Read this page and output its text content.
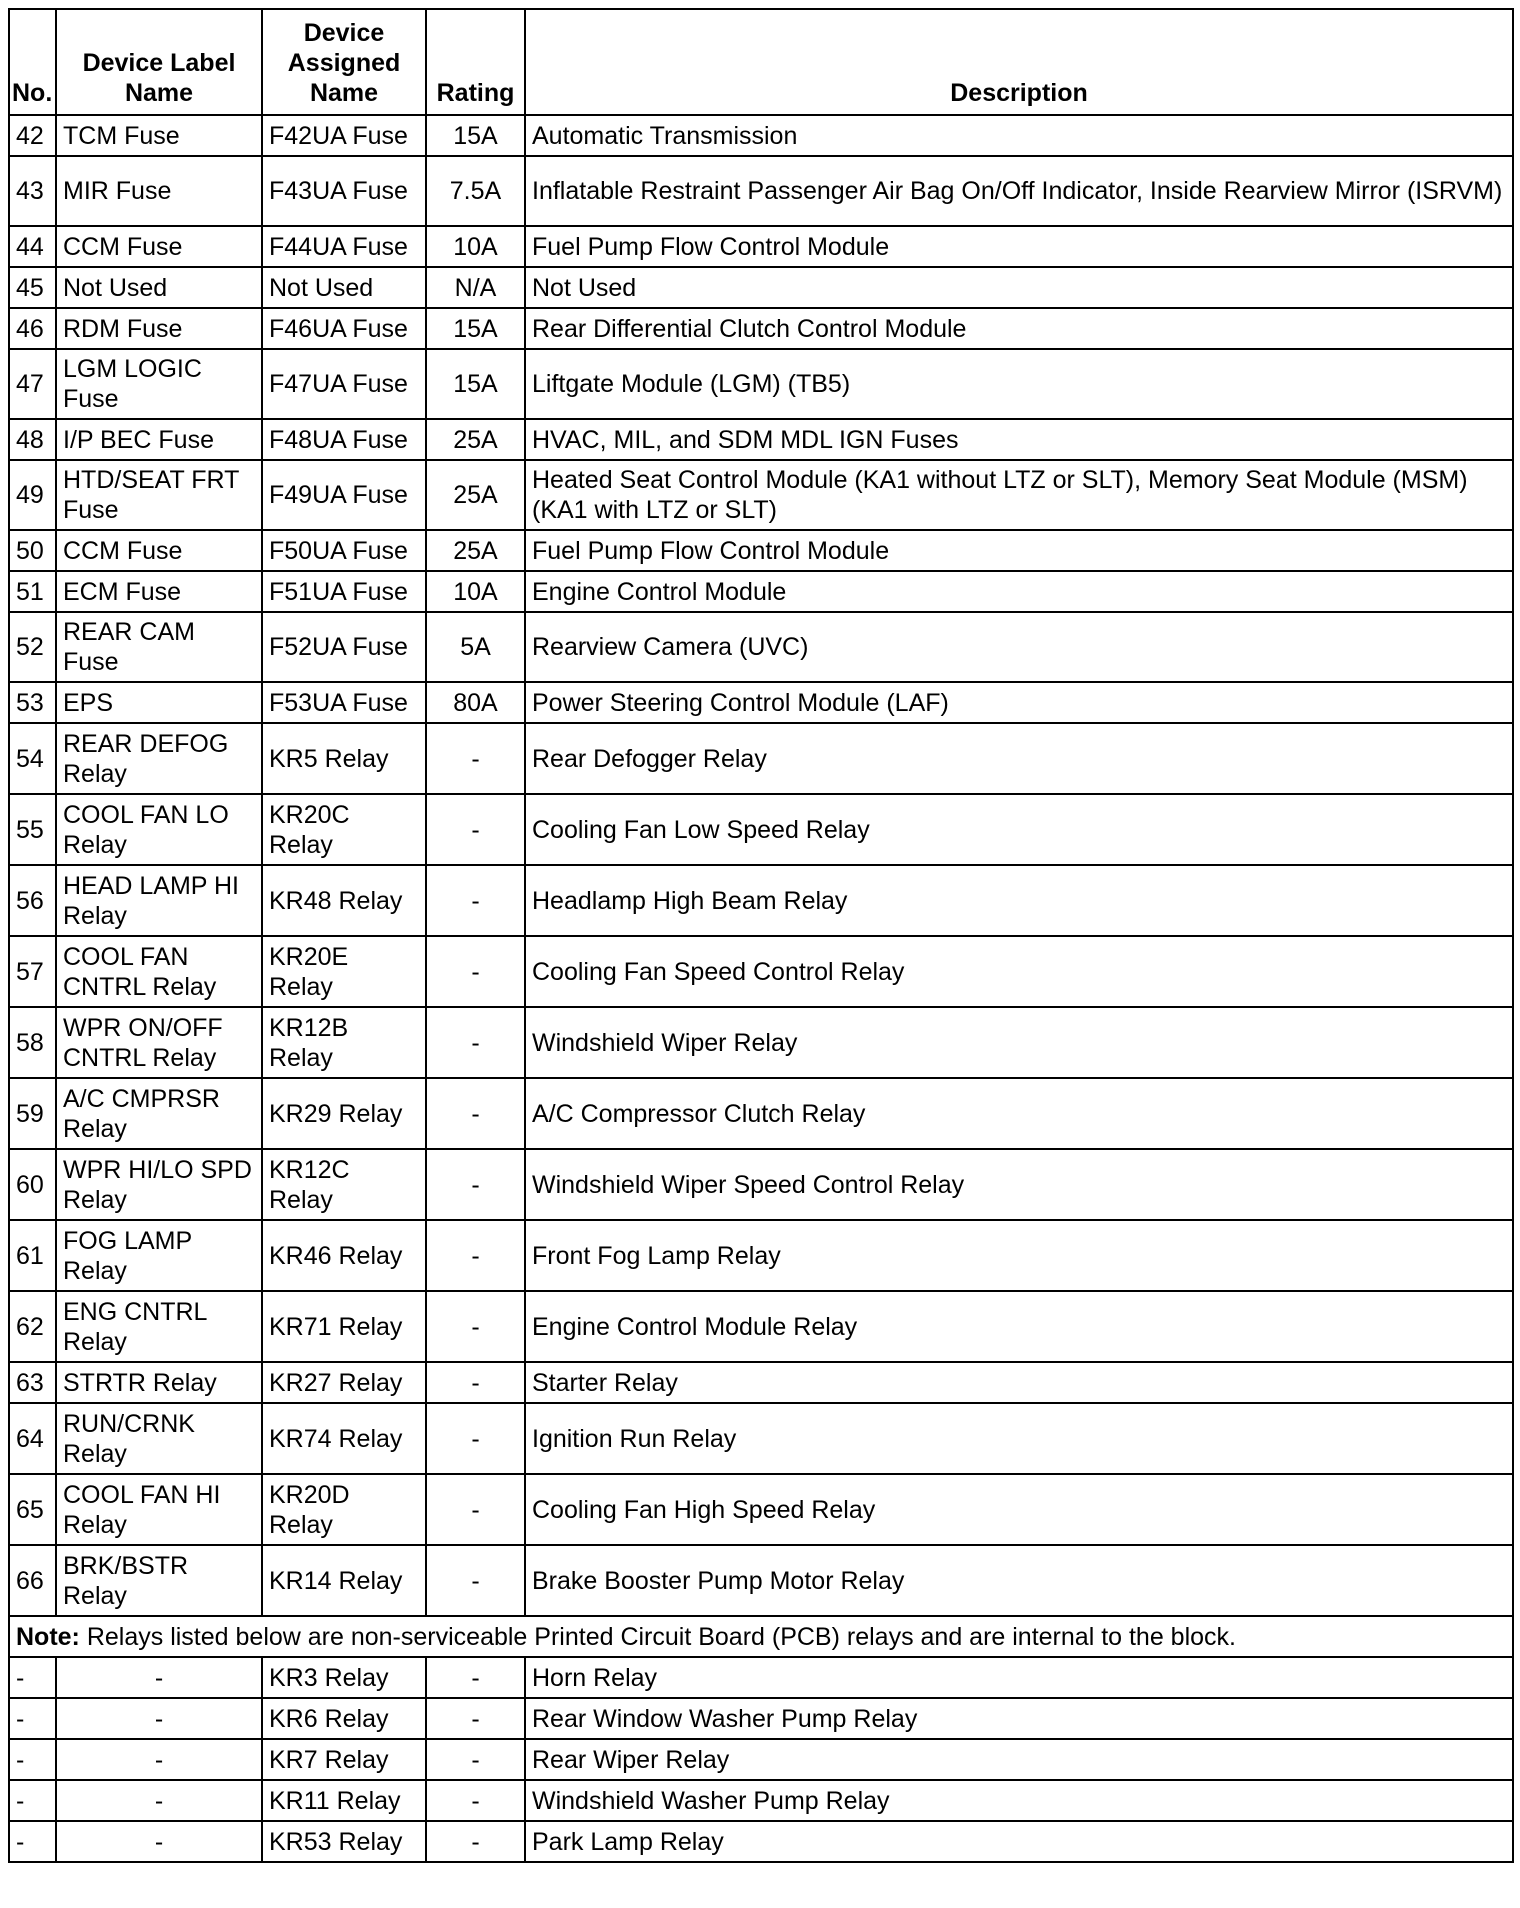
No.	Device Label Name	Device Assigned Name	Rating	Description
42	TCM Fuse	F42UA Fuse	15A	Automatic Transmission
43	MIR Fuse	F43UA Fuse	7.5A	Inflatable Restraint Passenger Air Bag On/Off Indicator, Inside Rearview Mirror (ISRVM)
44	CCM Fuse	F44UA Fuse	10A	Fuel Pump Flow Control Module
45	Not Used	Not Used	N/A	Not Used
46	RDM Fuse	F46UA Fuse	15A	Rear Differential Clutch Control Module
47	LGM LOGIC Fuse	F47UA Fuse	15A	Liftgate Module (LGM) (TB5)
48	I/P BEC Fuse	F48UA Fuse	25A	HVAC, MIL, and SDM MDL IGN Fuses
49	HTD/SEAT FRT Fuse	F49UA Fuse	25A	Heated Seat Control Module (KA1 without LTZ or SLT), Memory Seat Module (MSM) (KA1 with LTZ or SLT)
50	CCM Fuse	F50UA Fuse	25A	Fuel Pump Flow Control Module
51	ECM Fuse	F51UA Fuse	10A	Engine Control Module
52	REAR CAM Fuse	F52UA Fuse	5A	Rearview Camera (UVC)
53	EPS	F53UA Fuse	80A	Power Steering Control Module (LAF)
54	REAR DEFOG Relay	KR5 Relay	-	Rear Defogger Relay
55	COOL FAN LO Relay	KR20C Relay	-	Cooling Fan Low Speed Relay
56	HEAD LAMP HI Relay	KR48 Relay	-	Headlamp High Beam Relay
57	COOL FAN CNTRL Relay	KR20E Relay	-	Cooling Fan Speed Control Relay
58	WPR ON/OFF CNTRL Relay	KR12B Relay	-	Windshield Wiper Relay
59	A/C CMPRSR Relay	KR29 Relay	-	A/C Compressor Clutch Relay
60	WPR HI/LO SPD Relay	KR12C Relay	-	Windshield Wiper Speed Control Relay
61	FOG LAMP Relay	KR46 Relay	-	Front Fog Lamp Relay
62	ENG CNTRL Relay	KR71 Relay	-	Engine Control Module Relay
63	STRTR Relay	KR27 Relay	-	Starter Relay
64	RUN/CRNK Relay	KR74 Relay	-	Ignition Run Relay
65	COOL FAN HI Relay	KR20D Relay	-	Cooling Fan High Speed Relay
66	BRK/BSTR Relay	KR14 Relay	-	Brake Booster Pump Motor Relay
Note: Relays listed below are non-serviceable Printed Circuit Board (PCB) relays and are internal to the block.				
-	-	KR3 Relay	-	Horn Relay
-	-	KR6 Relay	-	Rear Window Washer Pump Relay
-	-	KR7 Relay	-	Rear Wiper Relay
-	-	KR11 Relay	-	Windshield Washer Pump Relay
-	-	KR53 Relay	-	Park Lamp Relay
